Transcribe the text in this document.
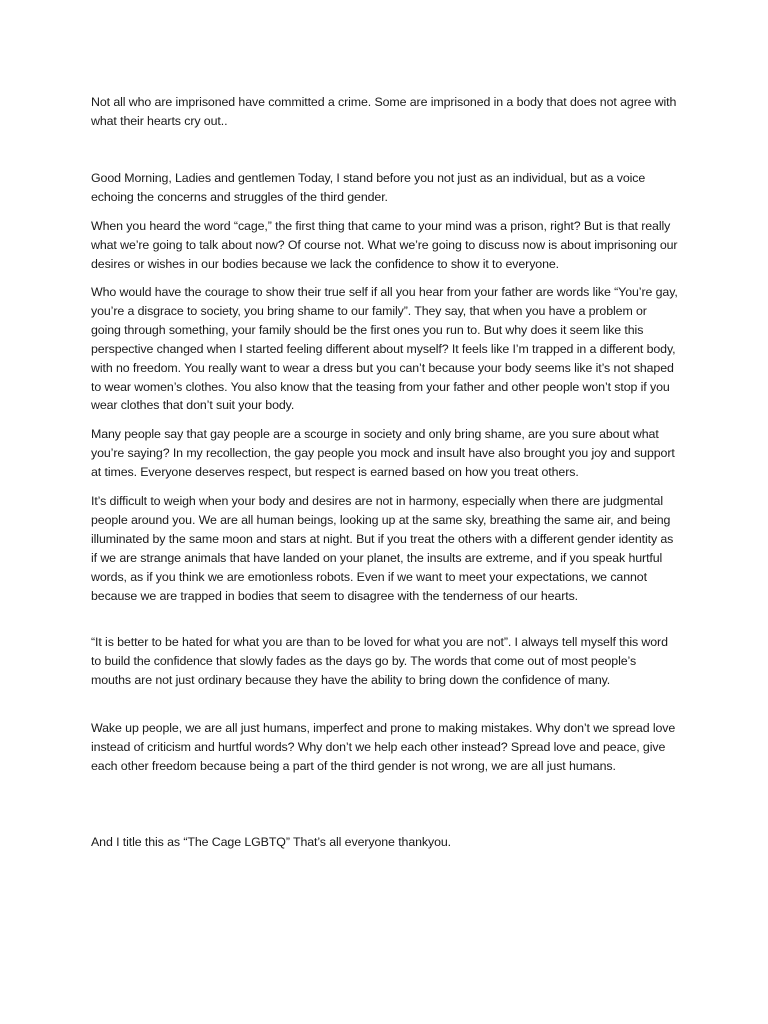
Not all who are imprisoned have committed a crime. Some are imprisoned in a body that does not agree with what their hearts cry out..

Good Morning, Ladies and gentlemen Today, I stand before you not just as an individual, but as a voice echoing the concerns and struggles of the third gender.

When you heard the word “cage,” the first thing that came to your mind was a prison, right? But is that really what we’re going to talk about now? Of course not. What we’re going to discuss now is about imprisoning our desires or wishes in our bodies because we lack the confidence to show it to everyone.

Who would have the courage to show their true self if all you hear from your father are words like “You’re gay, you’re a disgrace to society, you bring shame to our family”. They say, that when you have a problem or going through something, your family should be the first ones you run to. But why does it seem like this perspective changed when I started feeling different about myself? It feels like I’m trapped in a different body, with no freedom. You really want to wear a dress but you can’t because your body seems like it’s not shaped to wear women’s clothes. You also know that the teasing from your father and other people won’t stop if you wear clothes that don’t suit your body.

Many people say that gay people are a scourge in society and only bring shame, are you sure about what you’re saying? In my recollection, the gay people you mock and insult have also brought you joy and support at times. Everyone deserves respect, but respect is earned based on how you treat others.

It’s difficult to weigh when your body and desires are not in harmony, especially when there are judgmental people around you. We are all human beings, looking up at the same sky, breathing the same air, and being illuminated by the same moon and stars at night. But if you treat the others with a different gender identity as if we are strange animals that have landed on your planet, the insults are extreme, and if you speak hurtful words, as if you think we are emotionless robots. Even if we want to meet your expectations, we cannot because we are trapped in bodies that seem to disagree with the tenderness of our hearts.

“It is better to be hated for what you are than to be loved for what you are not”. I always tell myself this word to build the confidence that slowly fades as the days go by. The words that come out of most people’s mouths are not just ordinary because they have the ability to bring down the confidence of many.

Wake up people, we are all just humans, imperfect and prone to making mistakes. Why don’t we spread love instead of criticism and hurtful words? Why don’t we help each other instead? Spread love and peace, give each other freedom because being a part of the third gender is not wrong, we are all just humans.

And I title this as “The Cage LGBTQ” That’s all everyone thankyou.
